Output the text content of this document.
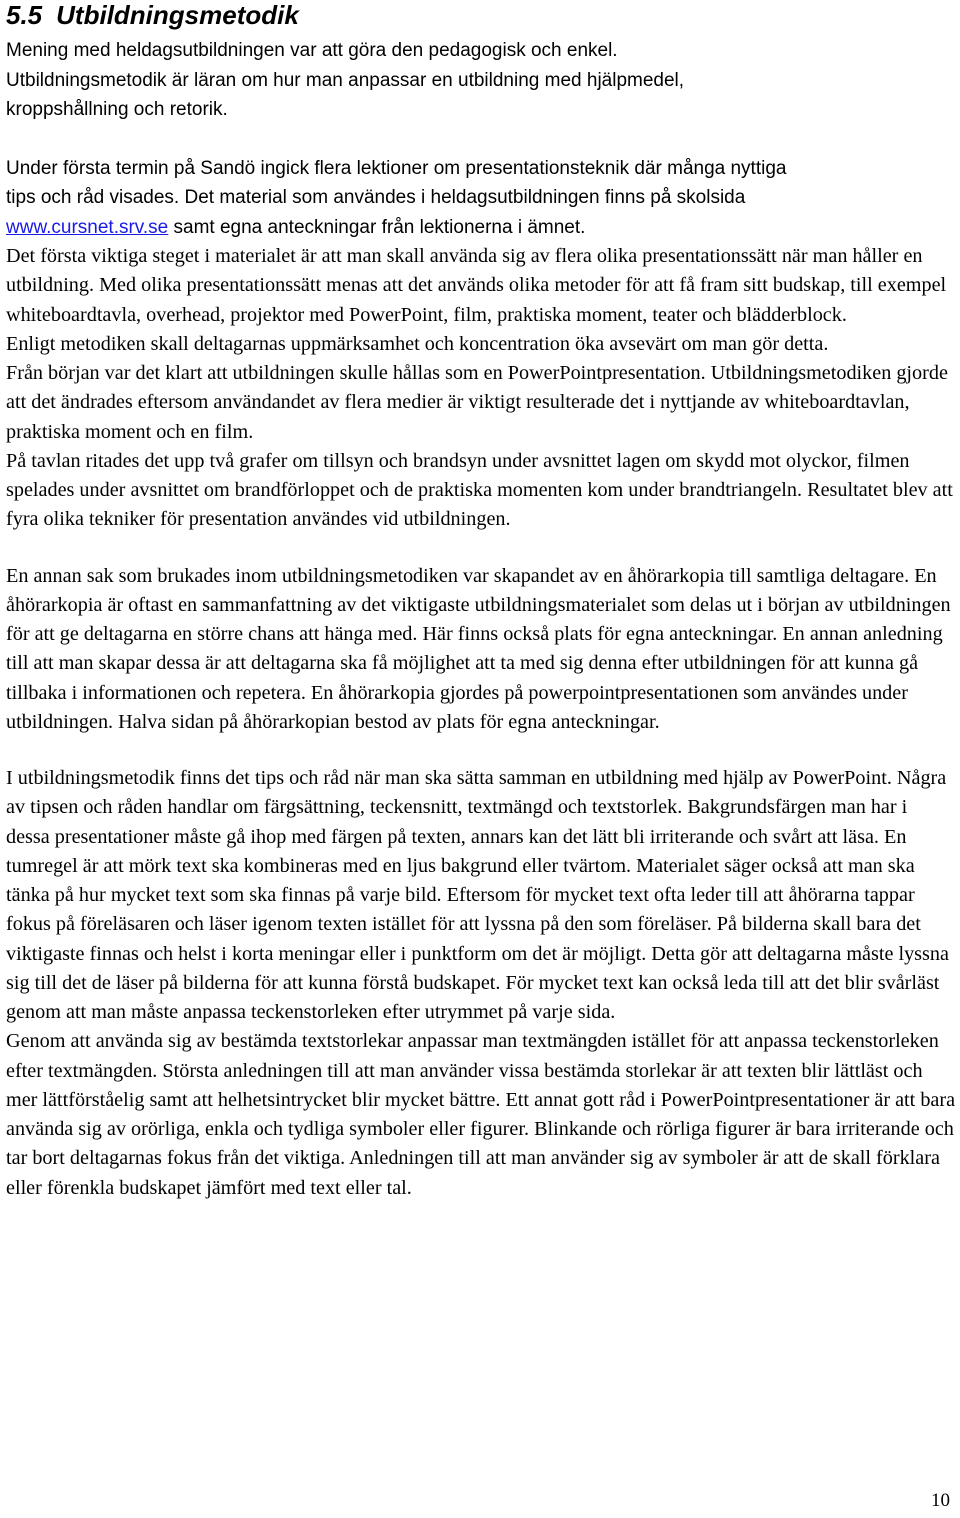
5.5 Utbildningsmetodik
Mening med heldagsutbildningen var att göra den pedagogisk och enkel.
Utbildningsmetodik är läran om hur man anpassar en utbildning med hjälpmedel,
kroppshållning och retorik.
Under första termin på Sandö ingick flera lektioner om presentationsteknik där många nyttiga
tips och råd visades. Det material som användes i heldagsutbildningen finns på skolsida
www.cursnet.srv.se samt egna anteckningar från lektionerna i ämnet.

Det första viktiga steget i materialet är att man skall använda sig av flera olika presentationssätt när man håller en utbildning. Med olika presentationssätt menas att det används olika metoder för att få fram sitt budskap, till exempel whiteboardtavla, overhead, projektor med PowerPoint, film, praktiska moment, teater och blädderblock.

Enligt metodiken skall deltagarnas uppmärksamhet och koncentration öka avsevärt om man gör detta.

Från början var det klart att utbildningen skulle hållas som en PowerPointpresentation. Utbildningsmetodiken gjorde att det ändrades eftersom användandet av flera medier är viktigt resulterade det i nyttjande av whiteboardtavlan, praktiska moment och en film.

På tavlan ritades det upp två grafer om tillsyn och brandsyn under avsnittet lagen om skydd mot olyckor, filmen spelades under avsnittet om brandförloppet och de praktiska momenten kom under brandtriangeln. Resultatet blev att fyra olika tekniker för presentation användes vid utbildningen.

En annan sak som brukades inom utbildningsmetodiken var skapandet av en åhörarkopia till samtliga deltagare. En åhörarkopia är oftast en sammanfattning av det viktigaste utbildningsmaterialet som delas ut i början av utbildningen för att ge deltagarna en större chans att hänga med. Här finns också plats för egna anteckningar. En annan anledning till att man skapar dessa är att deltagarna ska få möjlighet att ta med sig denna efter utbildningen för att kunna gå tillbaka i informationen och repetera. En åhörarkopia gjordes på powerpointpresentationen som användes under utbildningen. Halva sidan på åhörarkopian bestod av plats för egna anteckningar.

I utbildningsmetodik finns det tips och råd när man ska sätta samman en utbildning med hjälp av PowerPoint. Några av tipsen och råden handlar om färgsättning, teckensnitt, textmängd och textstorlek. Bakgrundsfärgen man har i dessa presentationer måste gå ihop med färgen på texten, annars kan det lätt bli irriterande och svårt att läsa. En tumregel är att mörk text ska kombineras med en ljus bakgrund eller tvärtom. Materialet säger också att man ska tänka på hur mycket text som ska finnas på varje bild. Eftersom för mycket text ofta leder till att åhörarna tappar fokus på föreläsaren och läser igenom texten istället för att lyssna på den som föreläser. På bilderna skall bara det viktigaste finnas och helst i korta meningar eller i punktform om det är möjligt. Detta gör att deltagarna måste lyssna sig till det de läser på bilderna för att kunna förstå budskapet. För mycket text kan också leda till att det blir svårläst genom att man måste anpassa teckenstorleken efter utrymmet på varje sida.

Genom att använda sig av bestämda textstorlekar anpassar man textmängden istället för att anpassa teckenstorleken efter textmängden. Största anledningen till att man använder vissa bestämda storlekar är att texten blir lättläst och mer lättförståelig samt att helhetsintrycket blir mycket bättre. Ett annat gott råd i PowerPointpresentationer är att bara använda sig av orörliga, enkla och tydliga symboler eller figurer. Blinkande och rörliga figurer är bara irriterande och tar bort deltagarnas fokus från det viktiga. Anledningen till att man använder sig av symboler är att de skall förklara eller förenkla budskapet jämfört med text eller tal.

10
